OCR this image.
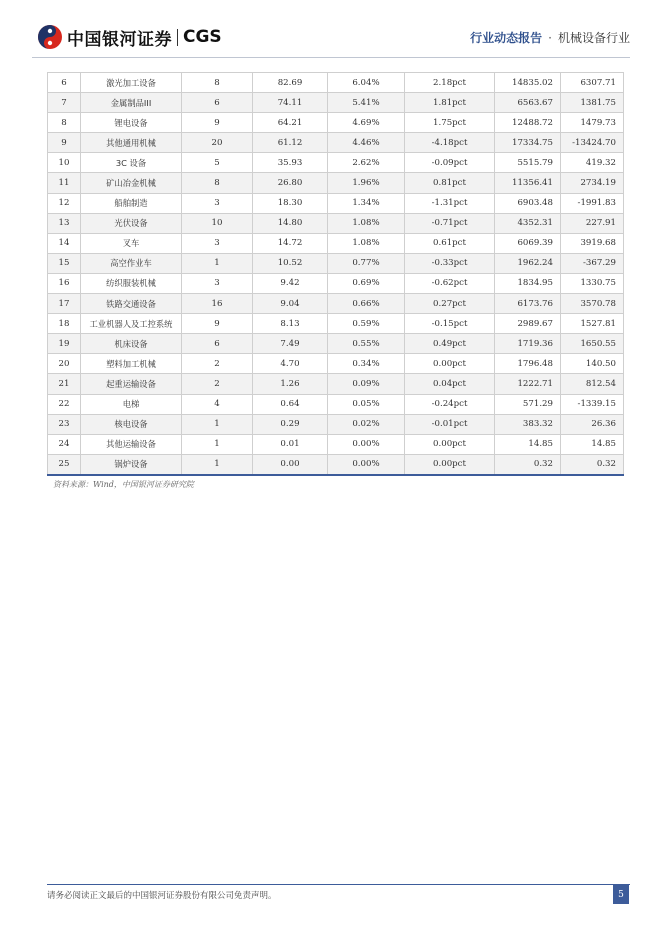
中国银河证券 CGS	行业动态报告 · 机械设备行业
6	激光加工设备	8	82.69	6.04%	2.18pct	14835.02	6307.71
7	金属制品III	6	74.11	5.41%	1.81pct	6563.67	1381.75
8	锂电设备	9	64.21	4.69%	1.75pct	12488.72	1479.73
9	其他通用机械	20	61.12	4.46%	-4.18pct	17334.75	-13424.70
10	3C 设备	5	35.93	2.62%	-0.09pct	5515.79	419.32
11	矿山冶金机械	8	26.80	1.96%	0.81pct	11356.41	2734.19
12	船舶制造	3	18.30	1.34%	-1.31pct	6903.48	-1991.83
13	光伏设备	10	14.80	1.08%	-0.71pct	4352.31	227.91
14	叉车	3	14.72	1.08%	0.61pct	6069.39	3919.68
15	高空作业车	1	10.52	0.77%	-0.33pct	1962.24	-367.29
16	纺织服装机械	3	9.42	0.69%	-0.62pct	1834.95	1330.75
17	铁路交通设备	16	9.04	0.66%	0.27pct	6173.76	3570.78
18	工业机器人及工控系统	9	8.13	0.59%	-0.15pct	2989.67	1527.81
19	机床设备	6	7.49	0.55%	0.49pct	1719.36	1650.55
20	塑料加工机械	2	4.70	0.34%	0.00pct	1796.48	140.50
21	起重运输设备	2	1.26	0.09%	0.04pct	1222.71	812.54
22	电梯	4	0.64	0.05%	-0.24pct	571.29	-1339.15
23	核电设备	1	0.29	0.02%	-0.01pct	383.32	26.36
24	其他运输设备	1	0.01	0.00%	0.00pct	14.85	14.85
25	锅炉设备	1	0.00	0.00%	0.00pct	0.32	0.32
资料来源：Wind，中国银河证券研究院
请务必阅读正文最后的中国银河证券股份有限公司免责声明。	5
